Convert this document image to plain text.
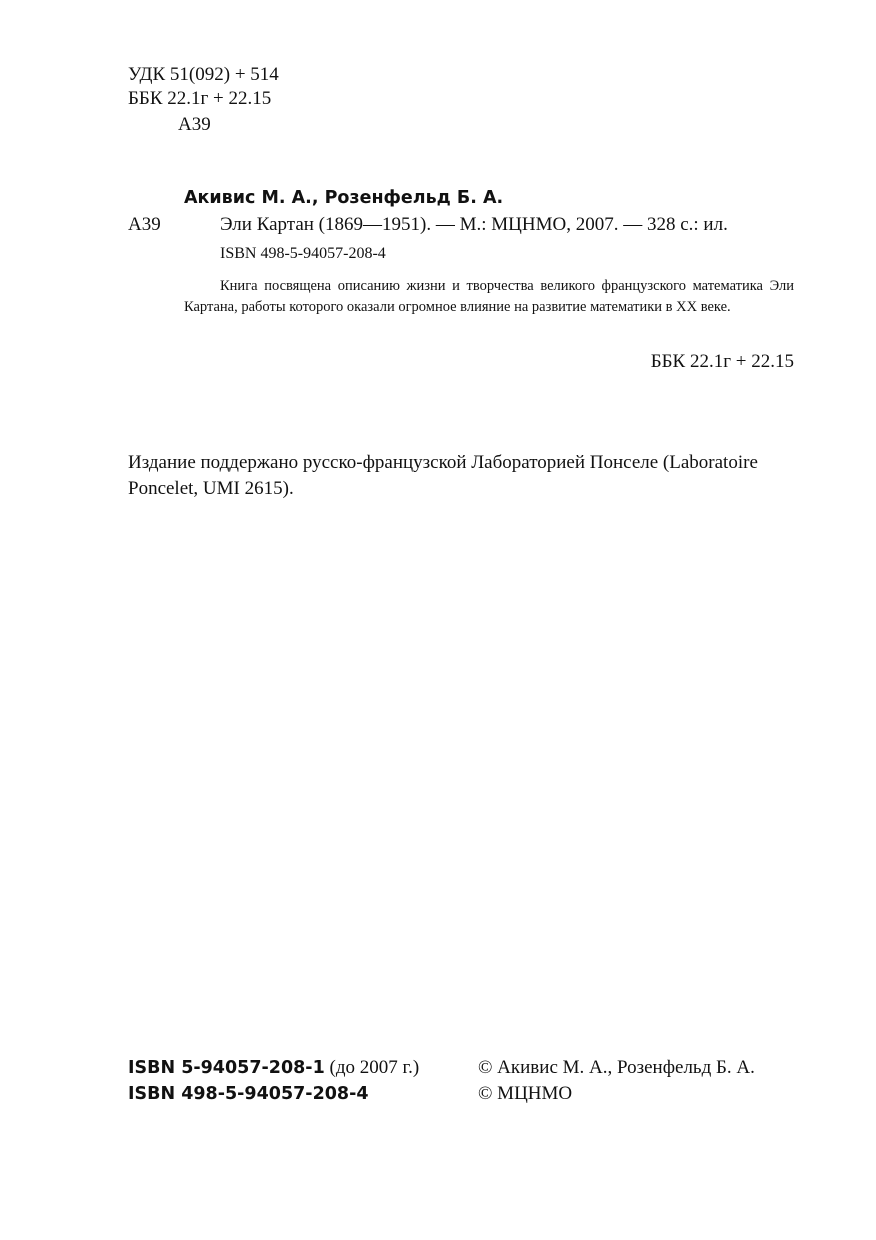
УДК 51(092) + 514
ББК 22.1г + 22.15
А39
Акивис М. А., Розенфельд Б. А.
А39	Эли Картан (1869—1951). — М.: МЦНМО, 2007. — 328 с.: ил.
ISBN 498-5-94057-208-4
Книга посвящена описанию жизни и творчества великого французского математика Эли Картана, работы которого оказали огромное влияние на развитие математики в XX веке.
ББК 22.1г + 22.15
Издание поддержано русско-французской Лабораторией Понселе (Laboratoire Poncelet, UMI 2615).
ISBN 5-94057-208-1 (до 2007 г.)
ISBN 498-5-94057-208-4
© Акивис М. А., Розенфельд Б. А.
© МЦНМО
